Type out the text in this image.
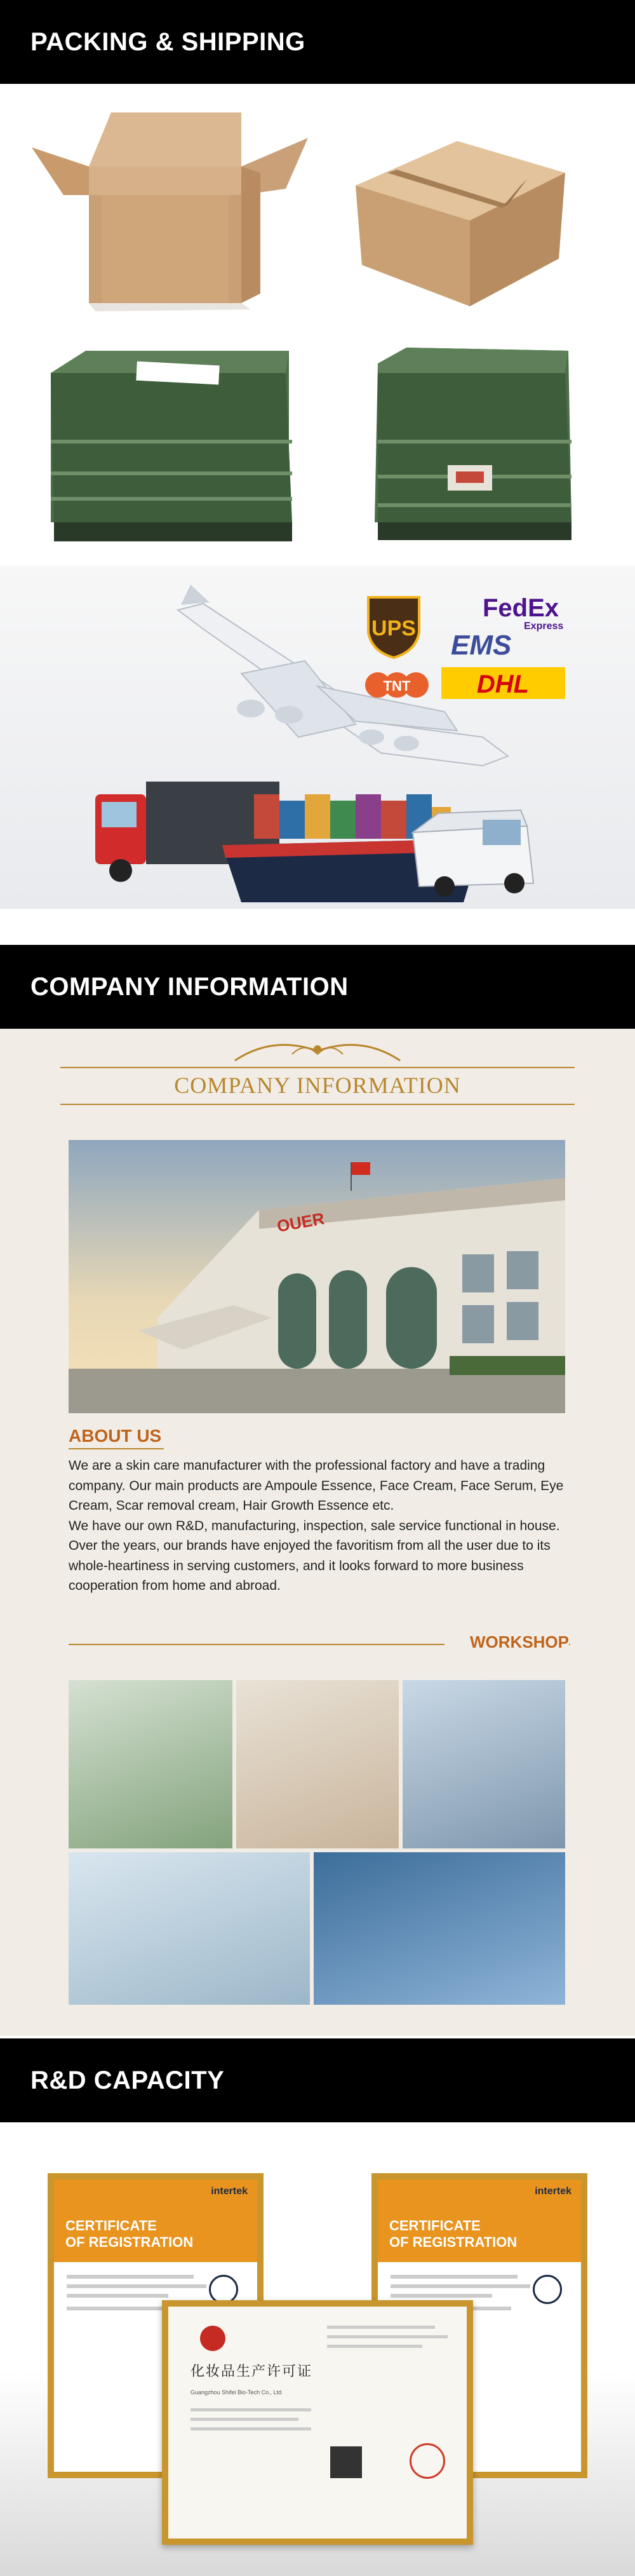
PACKING & SHIPPING
UPS
FedEx
Express
EMS
TNT	DHL
COMPANY INFORMATION
COMPANY INFORMATION
OUER
ABOUT US
We are a skin care manufacturer with the professional factory and have a trading company. Our main products are Ampoule Essence, Face Cream, Face Serum, Eye Cream, Scar removal cream, Hair Growth Essence etc.
We have our own R&D, manufacturing, inspection, sale service functional in house.
Over the years, our brands have enjoyed the favoritism from all the user due to its whole-heartiness in serving customers, and it looks forward to more business cooperation from home and abroad.
WORKSHOP
R&D CAPACITY
intertek
CERTIFICATE
OF REGISTRATION
intertek
CERTIFICATE
OF REGISTRATION
化妆品生产许可证
Guangzhou Shifei Bio-Tech Co., Ltd.
